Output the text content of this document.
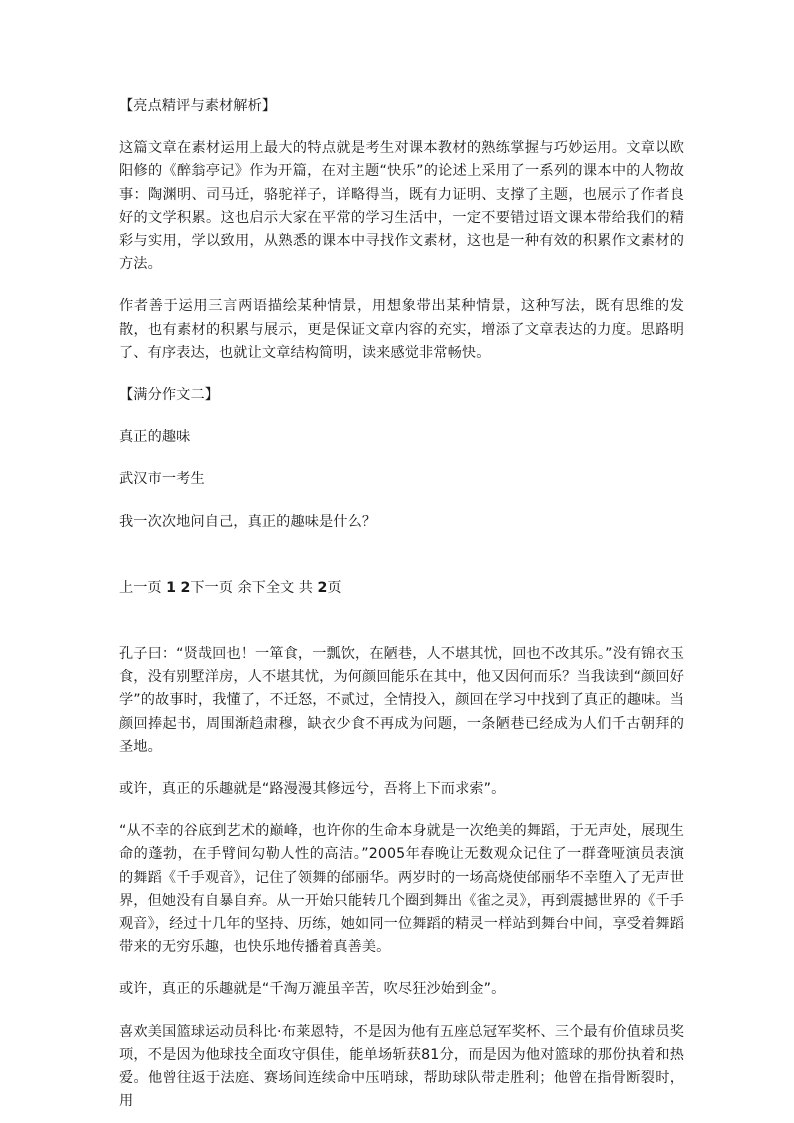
【亮点精评与素材解析】

这篇文章在素材运用上最大的特点就是考生对课本教材的熟练掌握与巧妙运用。文章以欧阳修的《醉翁亭记》作为开篇，在对主题“快乐”的论述上采用了一系列的课本中的人物故事：陶渊明、司马迁，骆驼祥子，详略得当，既有力证明、支撑了主题，也展示了作者良好的文学积累。这也启示大家在平常的学习生活中，一定不要错过语文课本带给我们的精彩与实用，学以致用，从熟悉的课本中寻找作文素材，这也是一种有效的积累作文素材的方法。

作者善于运用三言两语描绘某种情景，用想象带出某种情景，这种写法，既有思维的发散，也有素材的积累与展示，更是保证文章内容的充实，增添了文章表达的力度。思路明了、有序表达，也就让文章结构简明，读来感觉非常畅快。

【满分作文二】

真正的趣味

武汉市一考生

我一次次地问自己，真正的趣味是什么？

上一页 1 2下一页 余下全文 共 2页

孔子曰：“贤哉回也！一箪食，一瓢饮，在陋巷，人不堪其忧，回也不改其乐。”没有锦衣玉食，没有别墅洋房，人不堪其忧，为何颜回能乐在其中，他又因何而乐？当我读到“颜回好学”的故事时，我懂了，不迁怒，不贰过，全情投入，颜回在学习中找到了真正的趣味。当颜回捧起书，周围渐趋肃穆，缺衣少食不再成为问题，一条陋巷已经成为人们千古朝拜的圣地。

或许，真正的乐趣就是“路漫漫其修远兮，吾将上下而求索”。

“从不幸的谷底到艺术的巅峰，也许你的生命本身就是一次绝美的舞蹈，于无声处，展现生命的蓬勃，在手臂间勾勒人性的高洁。”2005年春晚让无数观众记住了一群聋哑演员表演的舞蹈《千手观音》，记住了领舞的邰丽华。两岁时的一场高烧使邰丽华不幸堕入了无声世界，但她没有自暴自弃。从一开始只能转几个圈到舞出《雀之灵》，再到震撼世界的《千手观音》，经过十几年的坚持、历练，她如同一位舞蹈的精灵一样站到舞台中间，享受着舞蹈带来的无穷乐趣，也快乐地传播着真善美。

或许，真正的乐趣就是“千淘万漉虽辛苦，吹尽狂沙始到金”。

喜欢美国篮球运动员科比·布莱恩特，不是因为他有五座总冠军奖杯、三个最有价值球员奖项，不是因为他球技全面攻守俱佳，能单场斩获81分，而是因为他对篮球的那份执着和热爱。他曾往返于法庭、赛场间连续命中压哨球，帮助球队带走胜利；他曾在指骨断裂时，用
